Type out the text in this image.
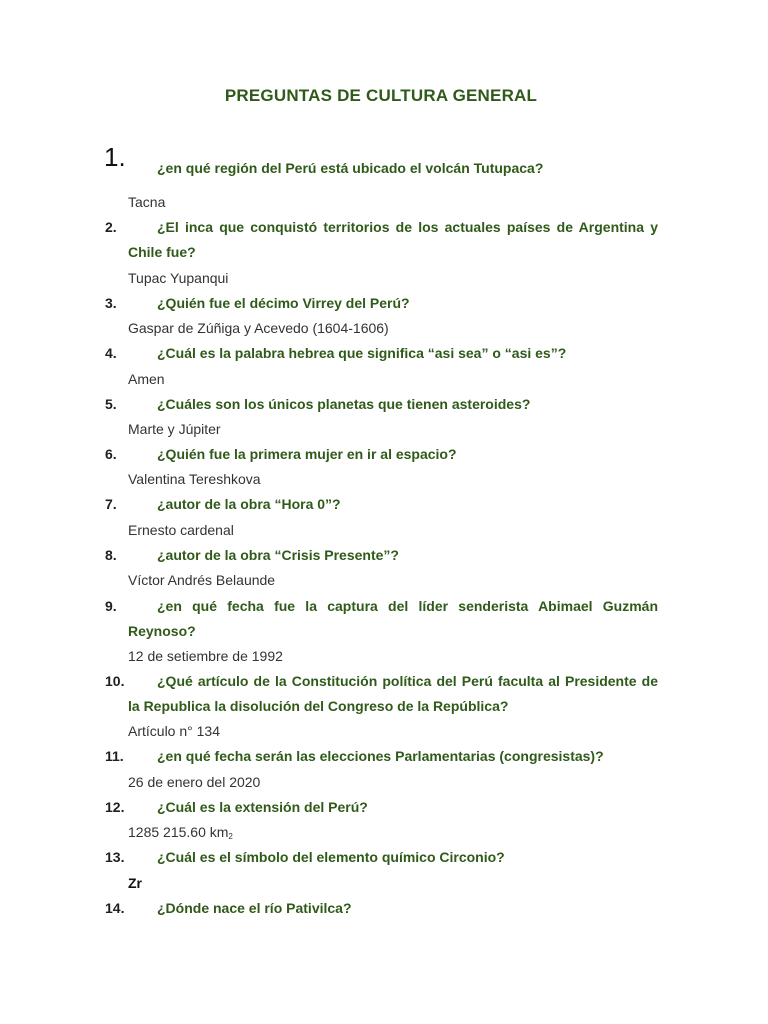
PREGUNTAS DE CULTURA GENERAL
1. ¿en qué región del Perú está ubicado el volcán Tutupaca?
Tacna
2.	¿El inca que conquistó territorios de los actuales países de Argentina y Chile fue?
Tupac Yupanqui
3.	¿Quién fue el décimo Virrey del Perú?
Gaspar de Zúñiga y Acevedo (1604-1606)
4.	¿Cuál es la palabra hebrea que significa “asi sea” o “asi es”?
Amen
5.	¿Cuáles son los únicos planetas que tienen asteroides?
Marte y Júpiter
6.	¿Quién fue la primera mujer en ir al espacio?
Valentina Tereshkova
7.	¿autor de la obra “Hora 0”?
Ernesto cardenal
8.	¿autor de la obra “Crisis Presente”?
Víctor Andrés Belaunde
9.	¿en qué fecha fue la captura del líder senderista Abimael Guzmán Reynoso?
12 de setiembre de 1992
10.	¿Qué artículo de la Constitución política del Perú faculta al Presidente de la Republica la disolución del Congreso de la República?
Artículo n° 134
11. ¿en qué fecha serán las elecciones Parlamentarias (congresistas)?
26 de enero del 2020
12. ¿Cuál es la extensión del Perú?
1285 215.60 $km_2$
13. ¿Cuál es el símbolo del elemento químico Circonio?
Zr
14. ¿Dónde nace el río Pativilca?
